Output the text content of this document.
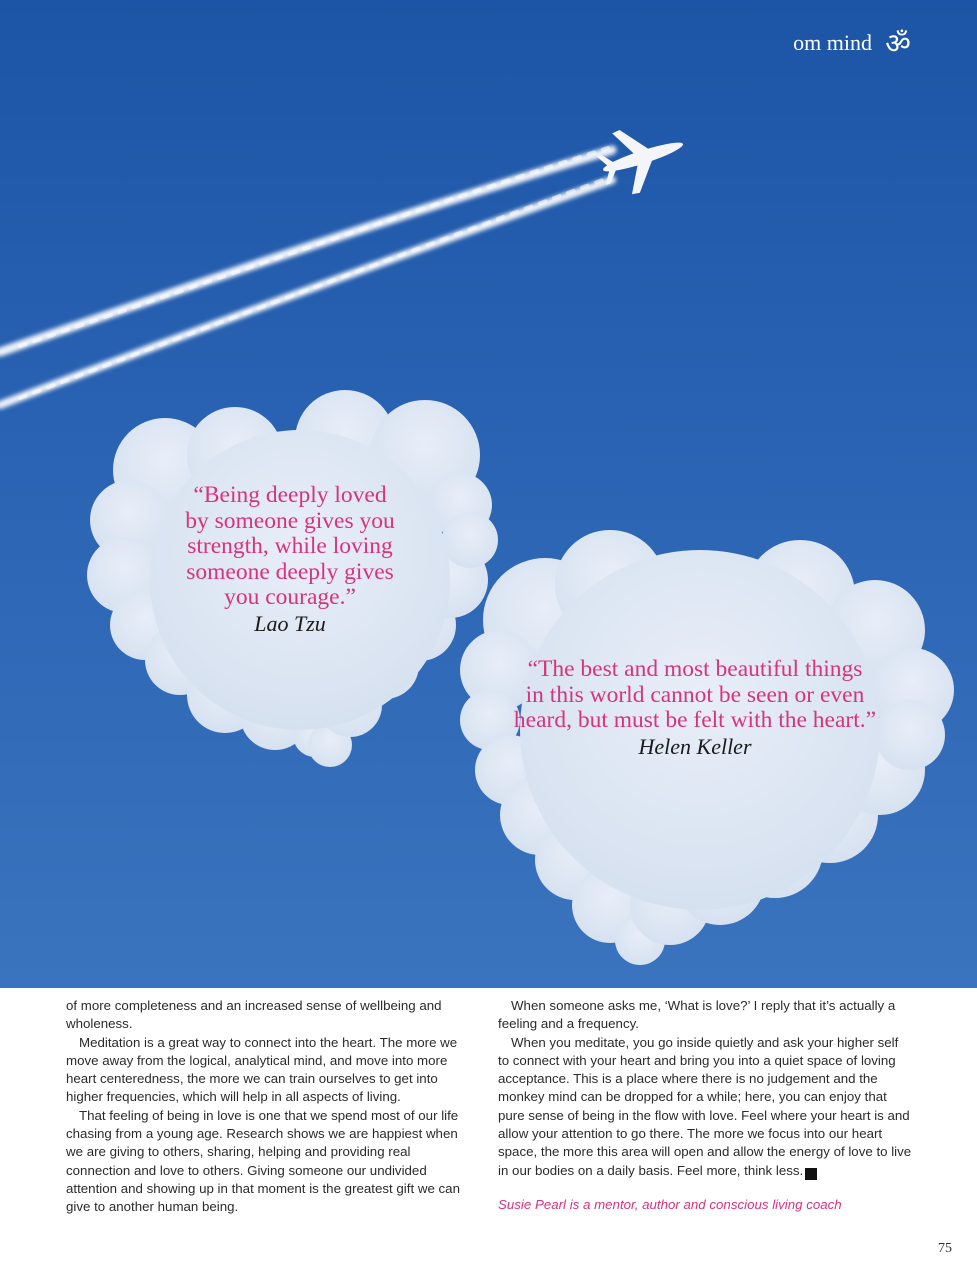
om mind ॐ
“Being deeply loved
by someone gives you
strength, while loving
someone deeply gives
you courage.”
Lao Tzu
“The best and most beautiful things
in this world cannot be seen or even
heard, but must be felt with the heart.”
Helen Keller

of more completeness and an increased sense of wellbeing and wholeness.

Meditation is a great way to connect into the heart. The more we move away from the logical, analytical mind, and move into more heart centeredness, the more we can train ourselves to get into higher frequencies, which will help in all aspects of living.

That feeling of being in love is one that we spend most of our life chasing from a young age. Research shows we are happiest when we are giving to others, sharing, helping and providing real connection and love to others. Giving someone our undivided attention and showing up in that moment is the greatest gift we can give to another human being.

When someone asks me, ‘What is love?’ I reply that it’s actually a feeling and a frequency.

When you meditate, you go inside quietly and ask your higher self to connect with your heart and bring you into a quiet space of loving acceptance. This is a place where there is no judgement and the monkey mind can be dropped for a while; here, you can enjoy that pure sense of being in the flow with love. Feel where your heart is and allow your attention to go there. The more we focus into our heart space, the more this area will open and allow the energy of love to live in our bodies on a daily basis. Feel more, think less. ॐ

Susie Pearl is a mentor, author and conscious living coach

75
